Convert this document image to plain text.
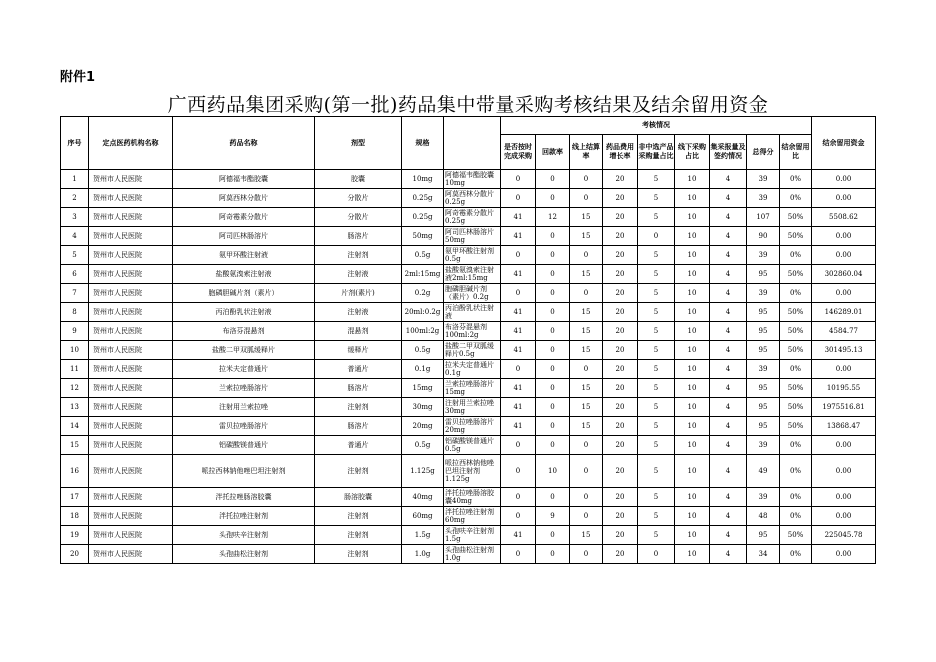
附件1
广西药品集团采购(第一批)药品集中带量采购考核结果及结余留用资金
序号	定点医药机构名称	药品名称	剂型	规格		考核情况									结余留用资金
						是否按时完成采购	回款率	线上结算率	药品费用增长率	非中选产品采购量占比	线下采购占比	集采报量及签约情况	总得分	结余留用比	
1	贺州市人民医院	阿德福韦酯胶囊	胶囊	10mg	阿德福韦酯胶囊10mg	0	0	0	20	5	10	4	39	0%	0.00
2	贺州市人民医院	阿莫西林分散片	分散片	0.25g	阿莫西林分散片0.25g	0	0	0	20	5	10	4	39	0%	0.00
3	贺州市人民医院	阿奇霉素分散片	分散片	0.25g	阿奇霉素分散片0.25g	41	12	15	20	5	10	4	107	50%	5508.62
4	贺州市人民医院	阿司匹林肠溶片	肠溶片	50mg	阿司匹林肠溶片50mg	41	0	15	20	0	10	4	90	50%	0.00
5	贺州市人民医院	氨甲环酸注射液	注射剂	0.5g	氨甲环酸注射剂0.5g	0	0	0	20	5	10	4	39	0%	0.00
6	贺州市人民医院	盐酸氨溴索注射液	注射液	2ml:15mg	盐酸氨溴索注射液2ml:15mg	41	0	15	20	5	10	4	95	50%	302860.04
7	贺州市人民医院	胞磷胆碱片剂（素片）	片剂(素片)	0.2g	胞磷胆碱片剂（素片）0.2g	0	0	0	20	5	10	4	39	0%	0.00
8	贺州市人民医院	丙泊酚乳状注射液	注射液	20ml:0.2g	丙泊酚乳状注射液	41	0	15	20	5	10	4	95	50%	146289.01
9	贺州市人民医院	布洛芬混悬剂	混悬剂	100ml:2g	布洛芬混悬剂100ml:2g	41	0	15	20	5	10	4	95	50%	4584.77
10	贺州市人民医院	盐酸二甲双胍缓释片	缓释片	0.5g	盐酸二甲双胍缓释片0.5g	41	0	15	20	5	10	4	95	50%	301495.13
11	贺州市人民医院	拉米夫定普通片	普通片	0.1g	拉米夫定普通片0.1g	0	0	0	20	5	10	4	39	0%	0.00
12	贺州市人民医院	兰索拉唑肠溶片	肠溶片	15mg	兰索拉唑肠溶片15mg	41	0	15	20	5	10	4	95	50%	10195.55
13	贺州市人民医院	注射用兰索拉唑	注射剂	30mg	注射用兰索拉唑30mg	41	0	15	20	5	10	4	95	50%	1975516.81
14	贺州市人民医院	雷贝拉唑肠溶片	肠溶片	20mg	雷贝拉唑肠溶片20mg	41	0	15	20	5	10	4	95	50%	13868.47
15	贺州市人民医院	铝碳酸镁普通片	普通片	0.5g	铝碳酸镁普通片0.5g	0	0	0	20	5	10	4	39	0%	0.00
16	贺州市人民医院	哌拉西林钠他唑巴坦注射剂	注射剂	1.125g	哌拉西林钠他唑巴坦注射剂1.125g	0	10	0	20	5	10	4	49	0%	0.00
17	贺州市人民医院	泮托拉唑肠溶胶囊	肠溶胶囊	40mg	泮托拉唑肠溶胶囊40mg	0	0	0	20	5	10	4	39	0%	0.00
18	贺州市人民医院	泮托拉唑注射剂	注射剂	60mg	泮托拉唑注射剂60mg	0	9	0	20	5	10	4	48	0%	0.00
19	贺州市人民医院	头孢呋辛注射剂	注射剂	1.5g	头孢呋辛注射剂1.5g	41	0	15	20	5	10	4	95	50%	225045.78
20	贺州市人民医院	头孢曲松注射剂	注射剂	1.0g	头孢曲松注射剂1.0g	0	0	0	20	0	10	4	34	0%	0.00
